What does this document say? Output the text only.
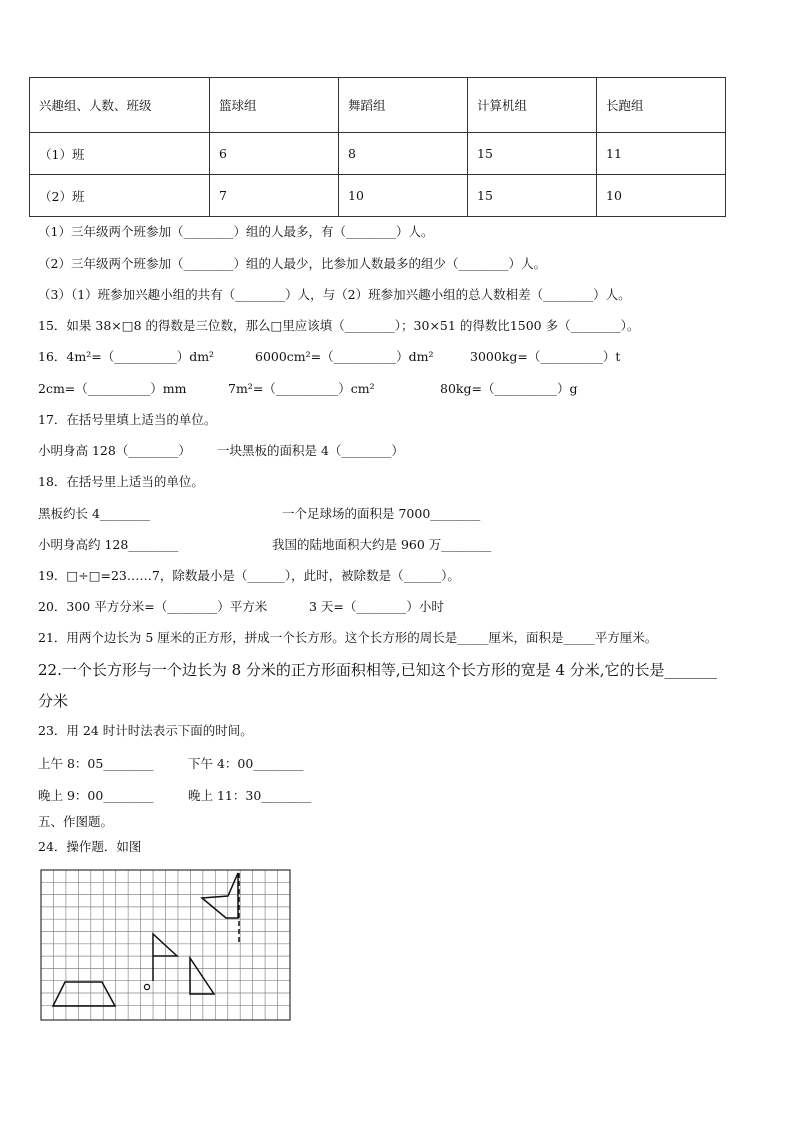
兴趣组、人数、班级	篮球组	舞蹈组	计算机组	长跑组
（1）班	6	8	15	11
（2）班	7	10	15	10
（1）三年级两个班参加（________）组的人最多，有（________）人。
（2）三年级两个班参加（________）组的人最少，比参加人数最多的组少（________）人。
（3）（1）班参加兴趣小组的共有（________）人，与（2）班参加兴趣小组的总人数相差（________）人。
15．如果 38×□8 的得数是三位数，那么□里应该填（________）；30×51 的得数比1500 多（________）。
16．4m²=（__________）dm²	6000cm²=（__________）dm²	3000kg=（__________）t
2cm=（__________）mm	7m²=（__________）cm²	80kg=（__________）g
17．在括号里填上适当的单位。
小明身高 128（________） 一块黑板的面积是 4（________）
18．在括号里上适当的单位。
黑板约长 4________	一个足球场的面积是 7000________
小明身高约 128________	我国的陆地面积大约是 960 万________
19．□÷□=23……7，除数最小是（______），此时，被除数是（______）。
20．300 平方分米=（________）平方米	3 天=（________）小时
21．用两个边长为 5 厘米的正方形，拼成一个长方形。这个长方形的周长是_____厘米，面积是_____平方厘米。
22.一个长方形与一个边长为 8 分米的正方形面积相等,已知这个长方形的宽是 4 分米,它的长是_______
分米
23．用 24 时计时法表示下面的时间。
上午 8：05________	下午 4：00________
晚上 9：00________	晚上 11：30________
五、作图题。
24．操作题．如图
